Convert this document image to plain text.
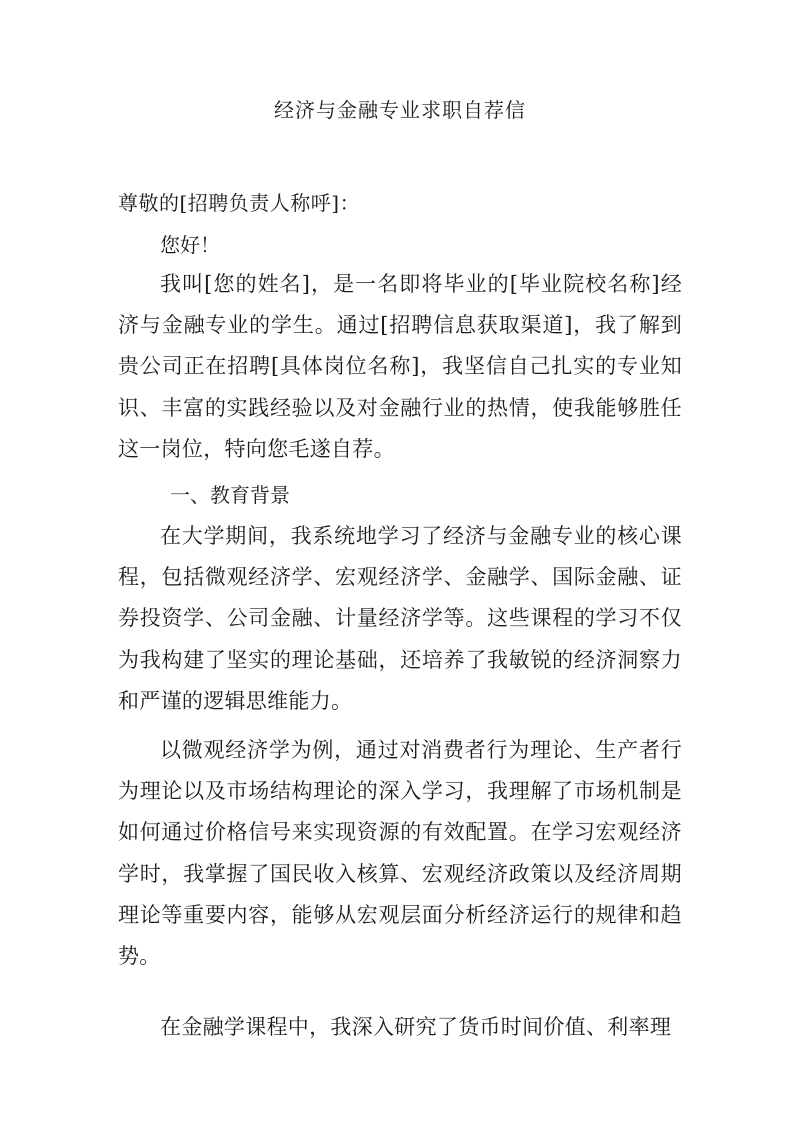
经济与金融专业求职自荐信

尊敬的[招聘负责人称呼]：

您好！

我叫[您的姓名]，是一名即将毕业的[毕业院校名称]经济与金融专业的学生。通过[招聘信息获取渠道]，我了解到贵公司正在招聘[具体岗位名称]，我坚信自己扎实的专业知识、丰富的实践经验以及对金融行业的热情，使我能够胜任这一岗位，特向您毛遂自荐。

一、教育背景

在大学期间，我系统地学习了经济与金融专业的核心课程，包括微观经济学、宏观经济学、金融学、国际金融、证券投资学、公司金融、计量经济学等。这些课程的学习不仅为我构建了坚实的理论基础，还培养了我敏锐的经济洞察力和严谨的逻辑思维能力。

以微观经济学为例，通过对消费者行为理论、生产者行为理论以及市场结构理论的深入学习，我理解了市场机制是如何通过价格信号来实现资源的有效配置。在学习宏观经济学时，我掌握了国民收入核算、宏观经济政策以及经济周期理论等重要内容，能够从宏观层面分析经济运行的规律和趋势。

在金融学课程中，我深入研究了货币时间价值、利率理
